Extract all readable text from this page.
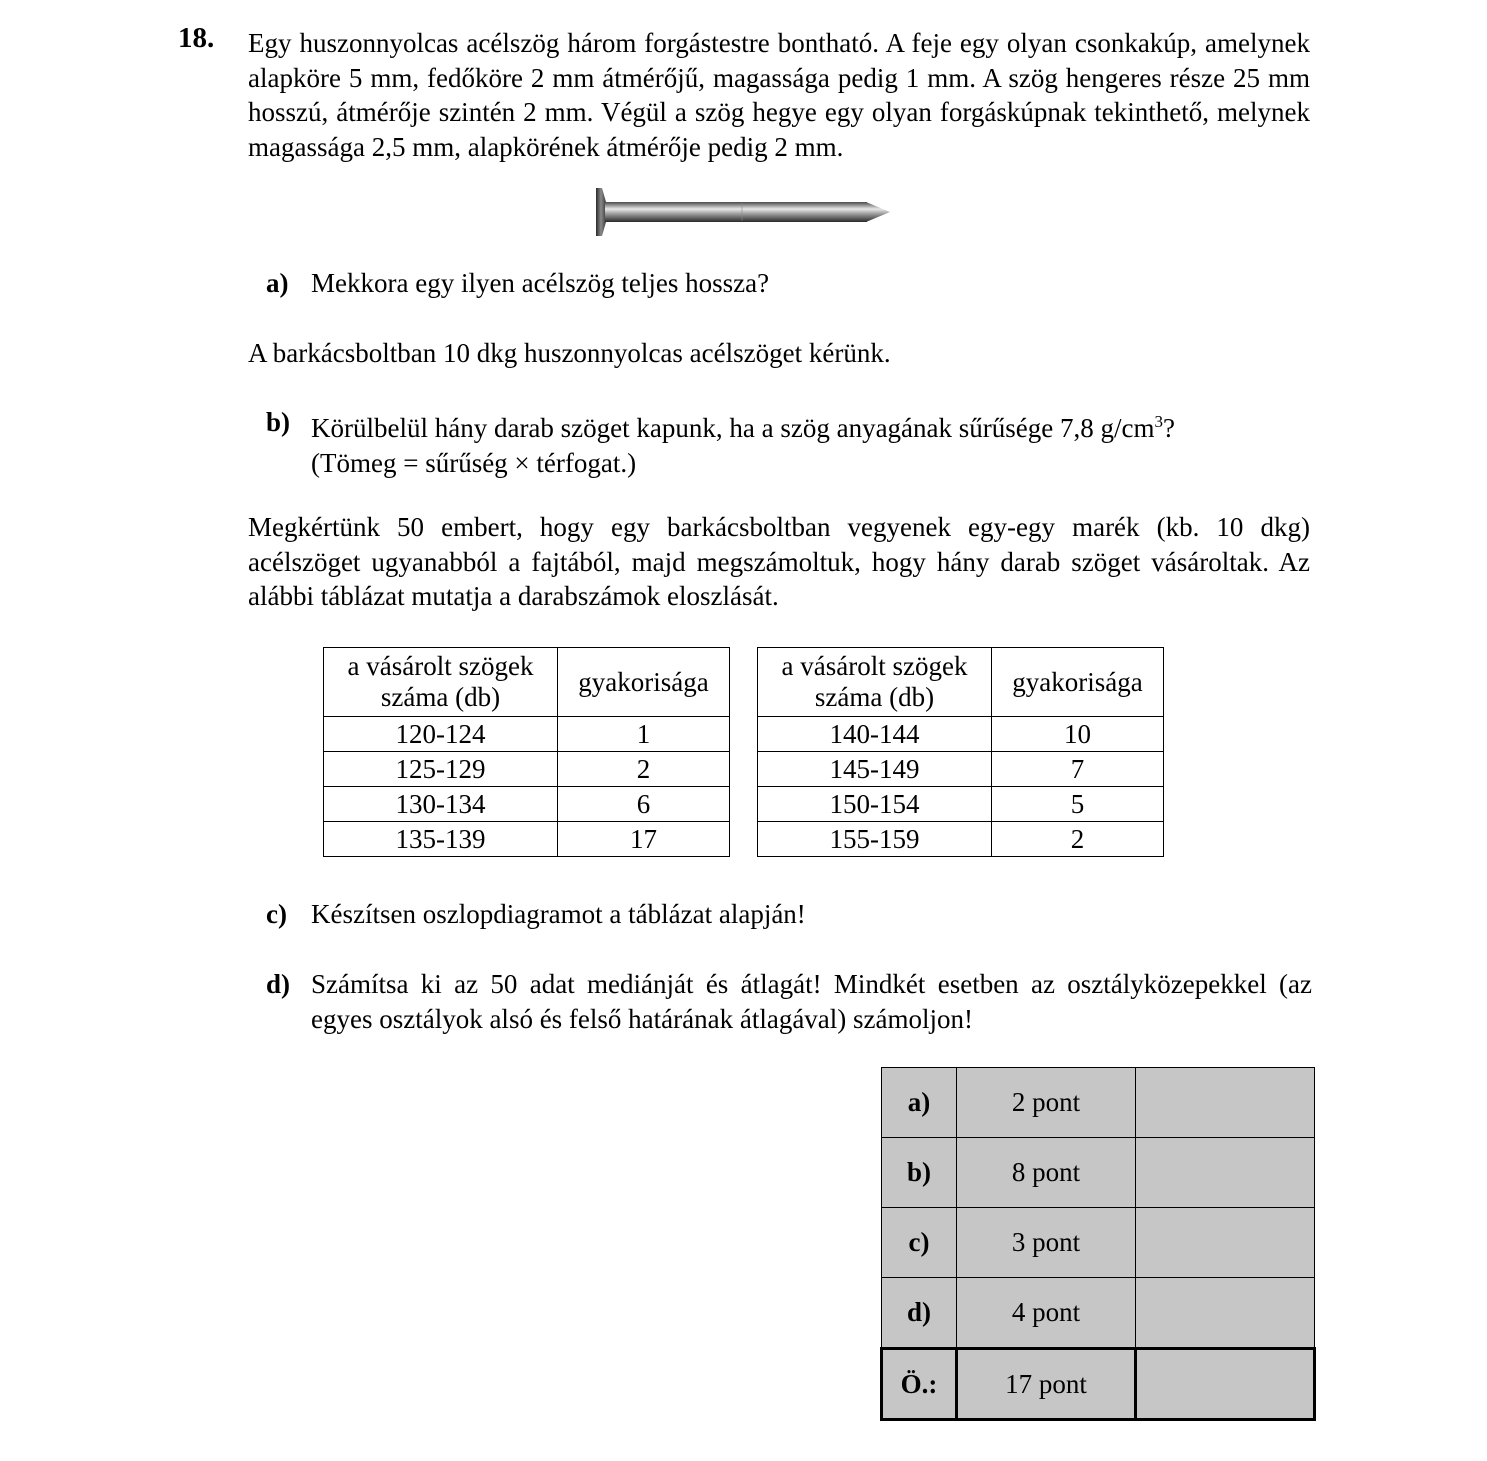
18. Egy huszonnyolcas acélszög három forgástestre bontható. A feje egy olyan csonkakúp, amelynek alapköre 5 mm, fedőköre 2 mm átmérőjű, magassága pedig 1 mm. A szög hengeres része 25 mm hosszú, átmérője szintén 2 mm. Végül a szög hegye egy olyan forgáskúpnak tekinthető, melynek magassága 2,5 mm, alapkörének átmérője pedig 2 mm.

a) Mekkora egy ilyen acélszög teljes hossza?

A barkácsboltban 10 dkg huszonnyolcas acélszöget kérünk.

b) Körülbelül hány darab szöget kapunk, ha a szög anyagának sűrűsége 7,8 $g/cm^3$?
(Tömeg = sűrűség × térfogat.)

Megkértünk 50 embert, hogy egy barkácsboltban vegyenek egy-egy marék (kb. 10 dkg) acélszöget ugyanabból a fajtából, majd megszámoltuk, hogy hány darab szöget vásároltak. Az alábbi táblázat mutatja a darabszámok eloszlását.

a vásárolt szögek
száma (db)	gyakorisága
120-124	1
125-129	2
130-134	6
135-139	17
a vásárolt szögek
száma (db)	gyakorisága
140-144	10
145-149	7
150-154	5
155-159	2
c) Készítsen oszlopdiagramot a táblázat alapján!
d) Számítsa ki az 50 adat mediánját és átlagát! Mindkét esetben az osztályközepekkel (az egyes osztályok alsó és felső határának átlagával) számoljon!
a)	2 pont	
b)	8 pont	
c)	3 pont	
d)	4 pont	
Ö.:	17 pont	
